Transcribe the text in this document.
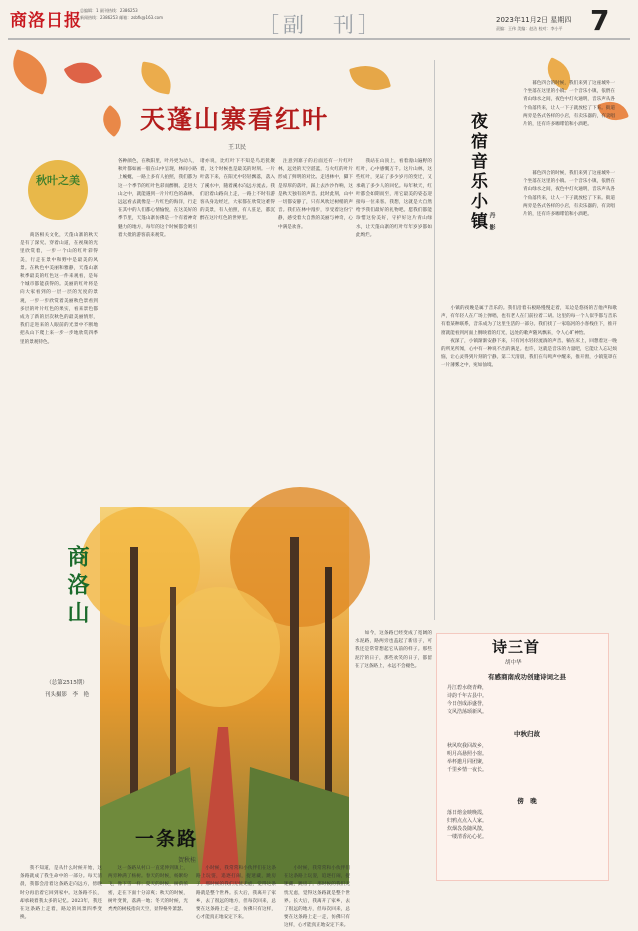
商洛日报
总编辑：1 副刊热线：2386253
新闻热线：2386253 邮箱：zsbfk@163.com	［副　刊］	2023年11月2日 星期四
责编：王伟 美编：赵洁 校对：李小平 7
天蓬山寨看红叶
王卫民
秋叶之美
　　商洛相关文化，天蓬山寨的秋天是有了深究。穿着山道，在视频的光里欣赏着，一步一个山的红叶彩得美，行走在景中和野中是最美的风景。在秋色中美丽和雅静，天蓬山寨秋季最美的红色这一件来观看，是每个城市都能获得的。美丽的红叶将是向大家看到的一层一层的光度的景观，一步一步欣赏着美丽秋色景看到多层的叶片红色的果实，看来景色都成为了新的层次秋色的最美丽情形，我们走进来的人眼前的光景中不断地把从山下爬上来一步一步地欣赏四季里的景观特色。
各种颜色，在秋阳里，叶丹更为动人，秋叶都如画一般在山中呈现，林间小路上蜿蜒，一路上多有人拍照，我们都为这一个季节的红叶色彩而醉倒。走进大山之中，就能遇到一片片红色的森林，远远看去就像是一片红色的海洋，行走在其中的人们都心情愉悦，在这美好的季节里，天蓬山寨仿佛是一个有着神奇魅力的地方，每年的这个时候都会吸引着大批的游客前来观赏。
诸亦说，比红叶下不知是鸟迅犹聚着，这个时候也是最美的时刻。一片叶落下来，在阳光中轻轻飘落，落入了溪水中，随着溪水向远方流去。我们沿着山路向上走，一路上不时有游客从身边经过，大家都在欣赏这难得的美景，有人拍照，有人驻足，都沉醉在这片红色的世界里。
　注意到寨子的后面还有一片红叶林，远处的天空湛蓝，与火红的叶片形成了鲜明的对比。走进林中，脚下是厚厚的落叶，踩上去沙沙作响，这是秋天独有的声音。此时此刻，山中一切都安静了，只有风吹过树梢的声音。我们在林中漫步，享受着这份宁静，感受着大自然的美丽与神奇，心中满是欢喜。
　　我站在山顶上，看着漫山遍野的红叶，心中感慨万千。这片山林，这些红叶，见证了多少岁月的变迁，又承载了多少人的回忆。每年秋天，红叶都会如期而至，用它最美的姿态迎接每一位来客。我想，这就是大自然给予我们最好的礼物吧。愿我们都能珍惜这份美好，守护好这片青山绿水，让天蓬山寨的红叶年年岁岁都如此绚烂。
商洛山
（总第2515期）
刊头摄影　李　艳
　　暮色四合的时候，我们来到了这座城外一个坐落在这里的小镇。一个音乐小镇，依偎在青山绿水之间，夜色中灯火通明，音乐声从各个角落传来，让人一下子就放松了下来。街道两旁是各式各样的小店，有卖乐器的，有卖唱片的，还有许多咖啡馆和小酒吧。
夜宿音乐小镇 丹　影
　　暮色四合的时候，我们来到了这座城外一个坐落在这里的小镇。一个音乐小镇，依偎在青山绿水之间，夜色中灯火通明，音乐声从各个角落传来，让人一下子就放松了下来。街道两旁是各式各样的小店，有卖乐器的，有卖唱片的，还有许多咖啡馆和小酒吧。
　　小镇的夜晚是属于音乐的。我们沿着石板路慢慢走着，耳边是悠扬的吉他声和歌声，有年轻人在广场上弹唱，也有老人在门前拉着二胡。这里的每一个人似乎都与音乐有着某种联系，音乐成为了这里生活的一部分。我们找了一家临河的小客栈住下，推开窗就能看到河面上倒映着的灯光，远处的歌声随风飘来，令人心旷神怡。
　　夜深了，小镇渐渐安静下来，只有河水轻轻流淌的声音。躺在床上，回想着这一晚的所见所闻，心中有一种说不出的满足。也许，这就是音乐的力量吧，它能让人忘记烦恼，让心灵得到片刻的宁静。第二天清晨，我们在鸟鸣声中醒来，推开窗，小镇笼罩在一片薄雾之中，宛如仙境。
诗三首
胡中华
有感商南成功创建诗词之县
丹江碧水绕青峰，
诗韵千年古县中。
今日创成添盛誉，
文风浩荡颂新风。
中秋归故
秋风吹我回故乡，
明月高悬照小窗。
举杯邀月同团聚，
千里乡情一夜长。
傍　晚
落日熔金映晚霞，
归鸦点点入人家。
炊烟袅袅随风散，
一缕清香沁心花。
一条路
贺秋桂
　　我不知道，是从什么时候开始，这条路就成了我生命中的一部分。每天清晨，我都会沿着这条路走向远方，傍晚时分再沿着它回到家中。这条路不长，却承载着我太多的记忆。2023年，我还在这条路上走着，路边的风景四季变换。
　　这一条路从村口一直延伸到镇上，两旁种满了杨树。春天的时候，杨絮纷飞，像下雪一样；夏天的时候，树荫浓密，走在下面十分凉爽；秋天的时候，树叶变黄，落满一地；冬天的时候，光秃秃的树枝指向天空，显得格外萧瑟。
　　小时候，我常常和小伙伴们在这条路上玩耍，追逐打闹，捉迷藏，跳房子。那时候的我们无忧无虑，觉得这条路就是整个世界。长大后，我离开了家乡，去了很远的地方，但每次回来，总要在这条路上走一走，仿佛只有这样，心才能真正地安定下来。
　　如今，这条路已经变成了宽阔的水泥路，路两旁也盖起了新房子，可我还是常常想起它从前的样子。那些泥泞的日子，那些欢笑的日子，都留在了这条路上，永远不会褪色。
　　小时候，我常常和小伙伴们在这条路上玩耍，追逐打闹，捉迷藏，跳房子。那时候的我们无忧无虑，觉得这条路就是整个世界。长大后，我离开了家乡，去了很远的地方，但每次回来，总要在这条路上走一走，仿佛只有这样，心才能真正地安定下来。
